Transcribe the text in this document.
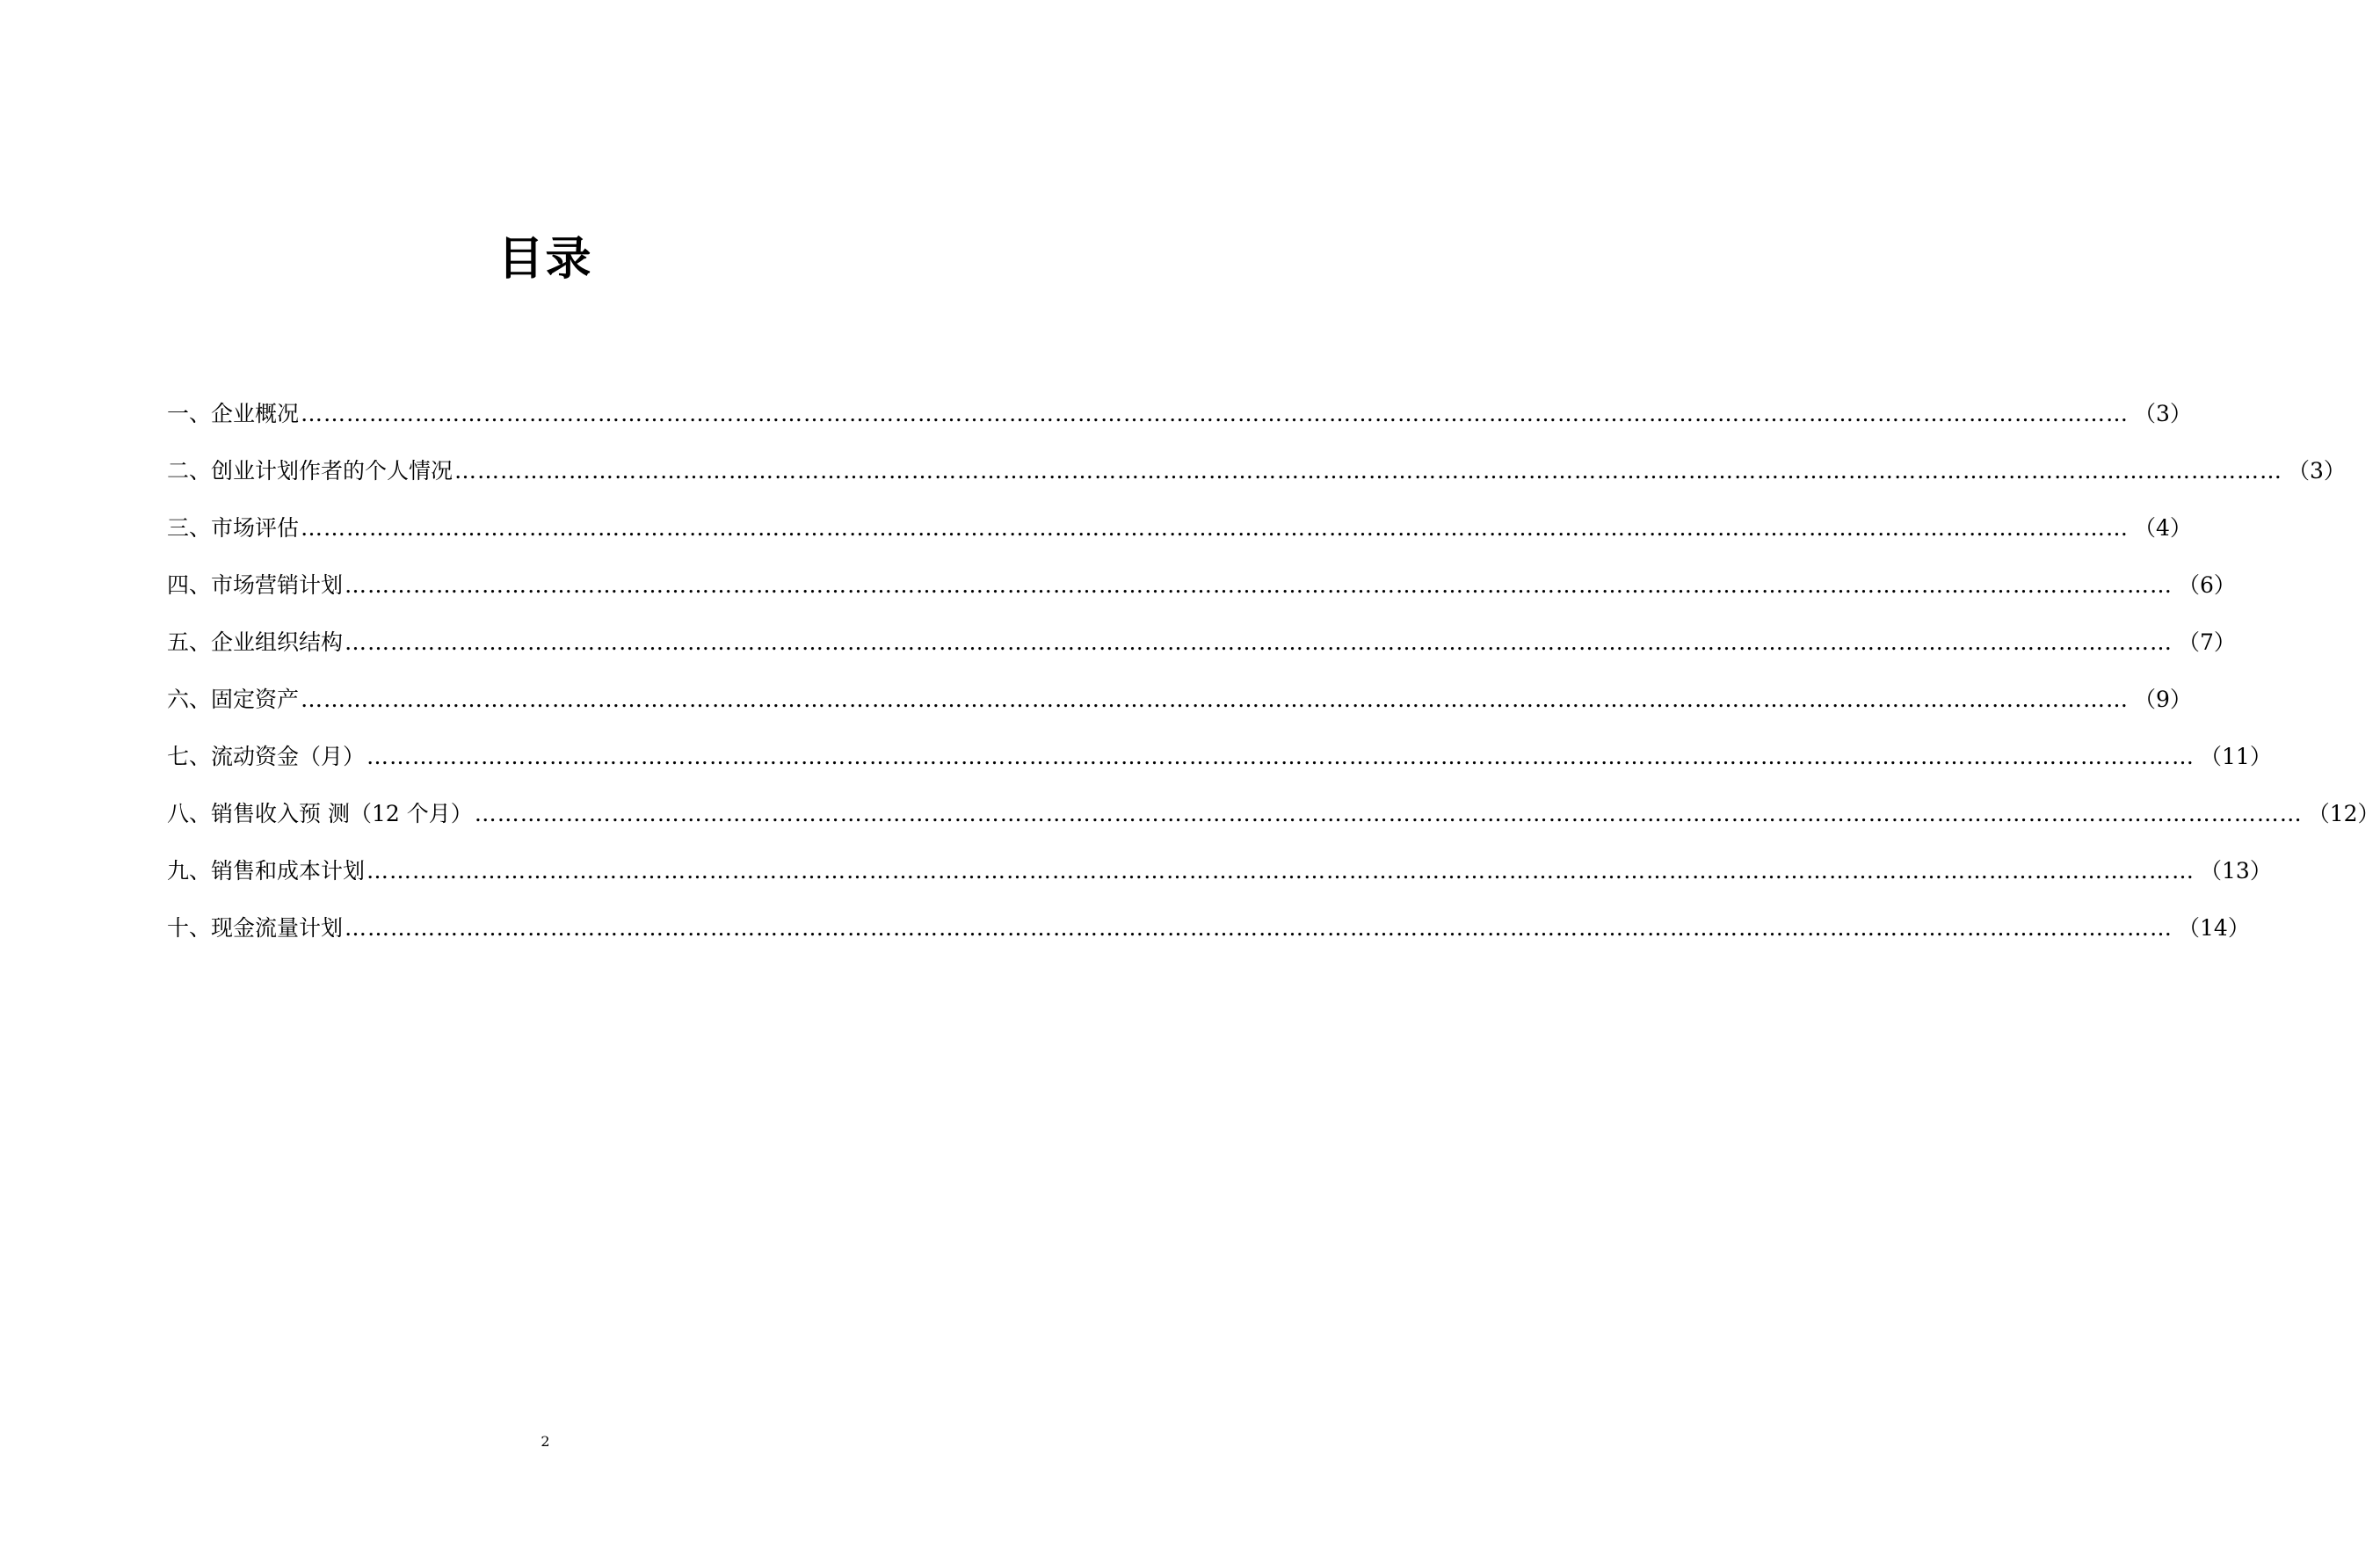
目录
一、企业概况 …………………………………………………………………………………………………………………………………………………………………………………………………………………… （3）
二、创业计划作者的个人情况 …………………………………………………………………………………………………………………………………………………………………………………………………………………… （3）
三、市场评估 …………………………………………………………………………………………………………………………………………………………………………………………………………………… （4）
四、市场营销计划 …………………………………………………………………………………………………………………………………………………………………………………………………………………… （6）
五、企业组织结构 …………………………………………………………………………………………………………………………………………………………………………………………………………………… （7）
六、固定资产 …………………………………………………………………………………………………………………………………………………………………………………………………………………… （9）
七、流动资金（月） …………………………………………………………………………………………………………………………………………………………………………………………………………………… （11）
八、销售收入预 测（12 个月） …………………………………………………………………………………………………………………………………………………………………………………………………………………… （12）
九、销售和成本计划 …………………………………………………………………………………………………………………………………………………………………………………………………………………… （13）
十、现金流量计划 …………………………………………………………………………………………………………………………………………………………………………………………………………………… （14）
2
